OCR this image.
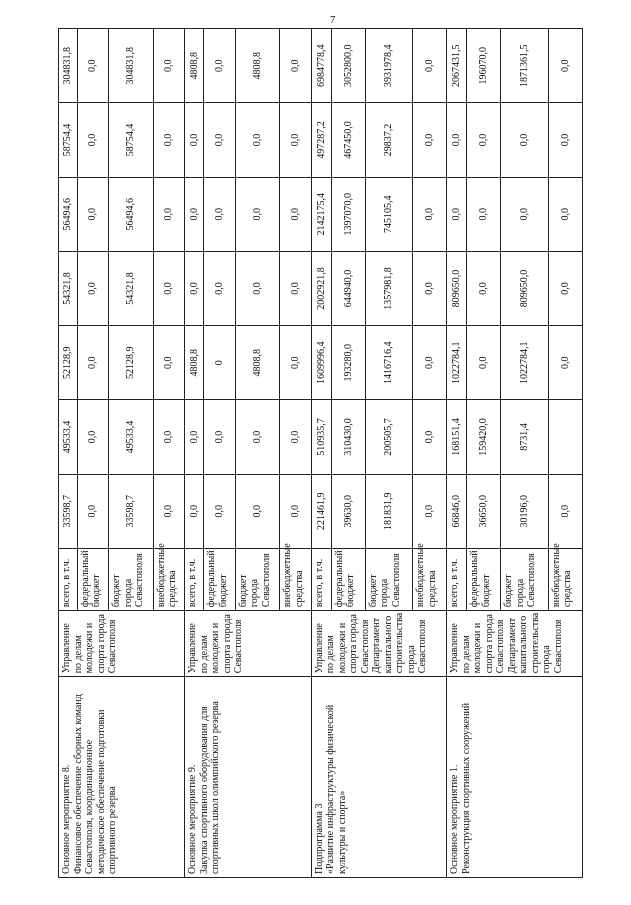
7
Основное мероприятие 8.
Финансовое обеспечение сборных команд Севастополя, координационное методическое обеспечение подготовки спортивного резерва	Управление по делам молодежи и спорта города Севастополя	всего, в т.ч.	33598,7	49533,4	52128,9	54321,8	56494,6	58754,4	304831,8
		федеральный бюджет	0,0	0,0	0,0	0,0	0,0	0,0	0,0
		бюджет города Севастополя	33598,7	49533,4	52128,9	54321,8	56494,6	58754,4	304831,8
		внебюджетные средства	0,0	0,0	0,0	0,0	0,0	0,0	0,0
Основное мероприятие 9.
Закупка спортивного оборудования для спортивных школ олимпийского резерва	Управление по делам молодежи и спорта города Севастополя	всего, в т.ч.	0,0	0,0	4808,8	0,0	0,0	0,0	4808,8
		федеральный бюджет	0,0	0,0	0	0,0	0,0	0,0	0,0
		бюджет города Севастополя	0,0	0,0	4808,8	0,0	0,0	0,0	4808,8
		внебюджетные средства	0,0	0,0	0,0	0,0	0,0	0,0	0,0
Подпрограмма 3
«Развитие инфраструктуры физической культуры и спорта»	Управление по делам молодежи и спорта города Севастополя Департамент капитального строительства города Севастополя	всего, в т.ч.	221461,9	510935,7	1609996,4	2002921,8	2142175,4	497287,2	6984778,4
		федеральный бюджет	39630,0	310430,0	193280,0	644940,0	1397070,0	467450,0	3052800,0
		бюджет города Севастополя	181831,9	200505,7	1416716,4	1357981,8	745105,4	29837,2	3931978,4
		внебюджетные средства	0,0	0,0	0,0	0,0	0,0	0,0	0,0
Основное мероприятие 1.
Реконструкция спортивных сооружений	Управление по делам молодежи и спорта города Севастополя Департамент капитального строительства города Севастополя	всего, в т.ч.	66846,0	168151,4	1022784,1	809650,0	0,0	0,0	2067431,5
		федеральный бюджет	36650,0	159420,0	0,0	0,0	0,0	0,0	196070,0
		бюджет города Севастополя	30196,0	8731,4	1022784,1	809650,0	0,0	0,0	1871361,5
		внебюджетные средства	0,0		0,0	0,0	0,0	0,0	0,0
